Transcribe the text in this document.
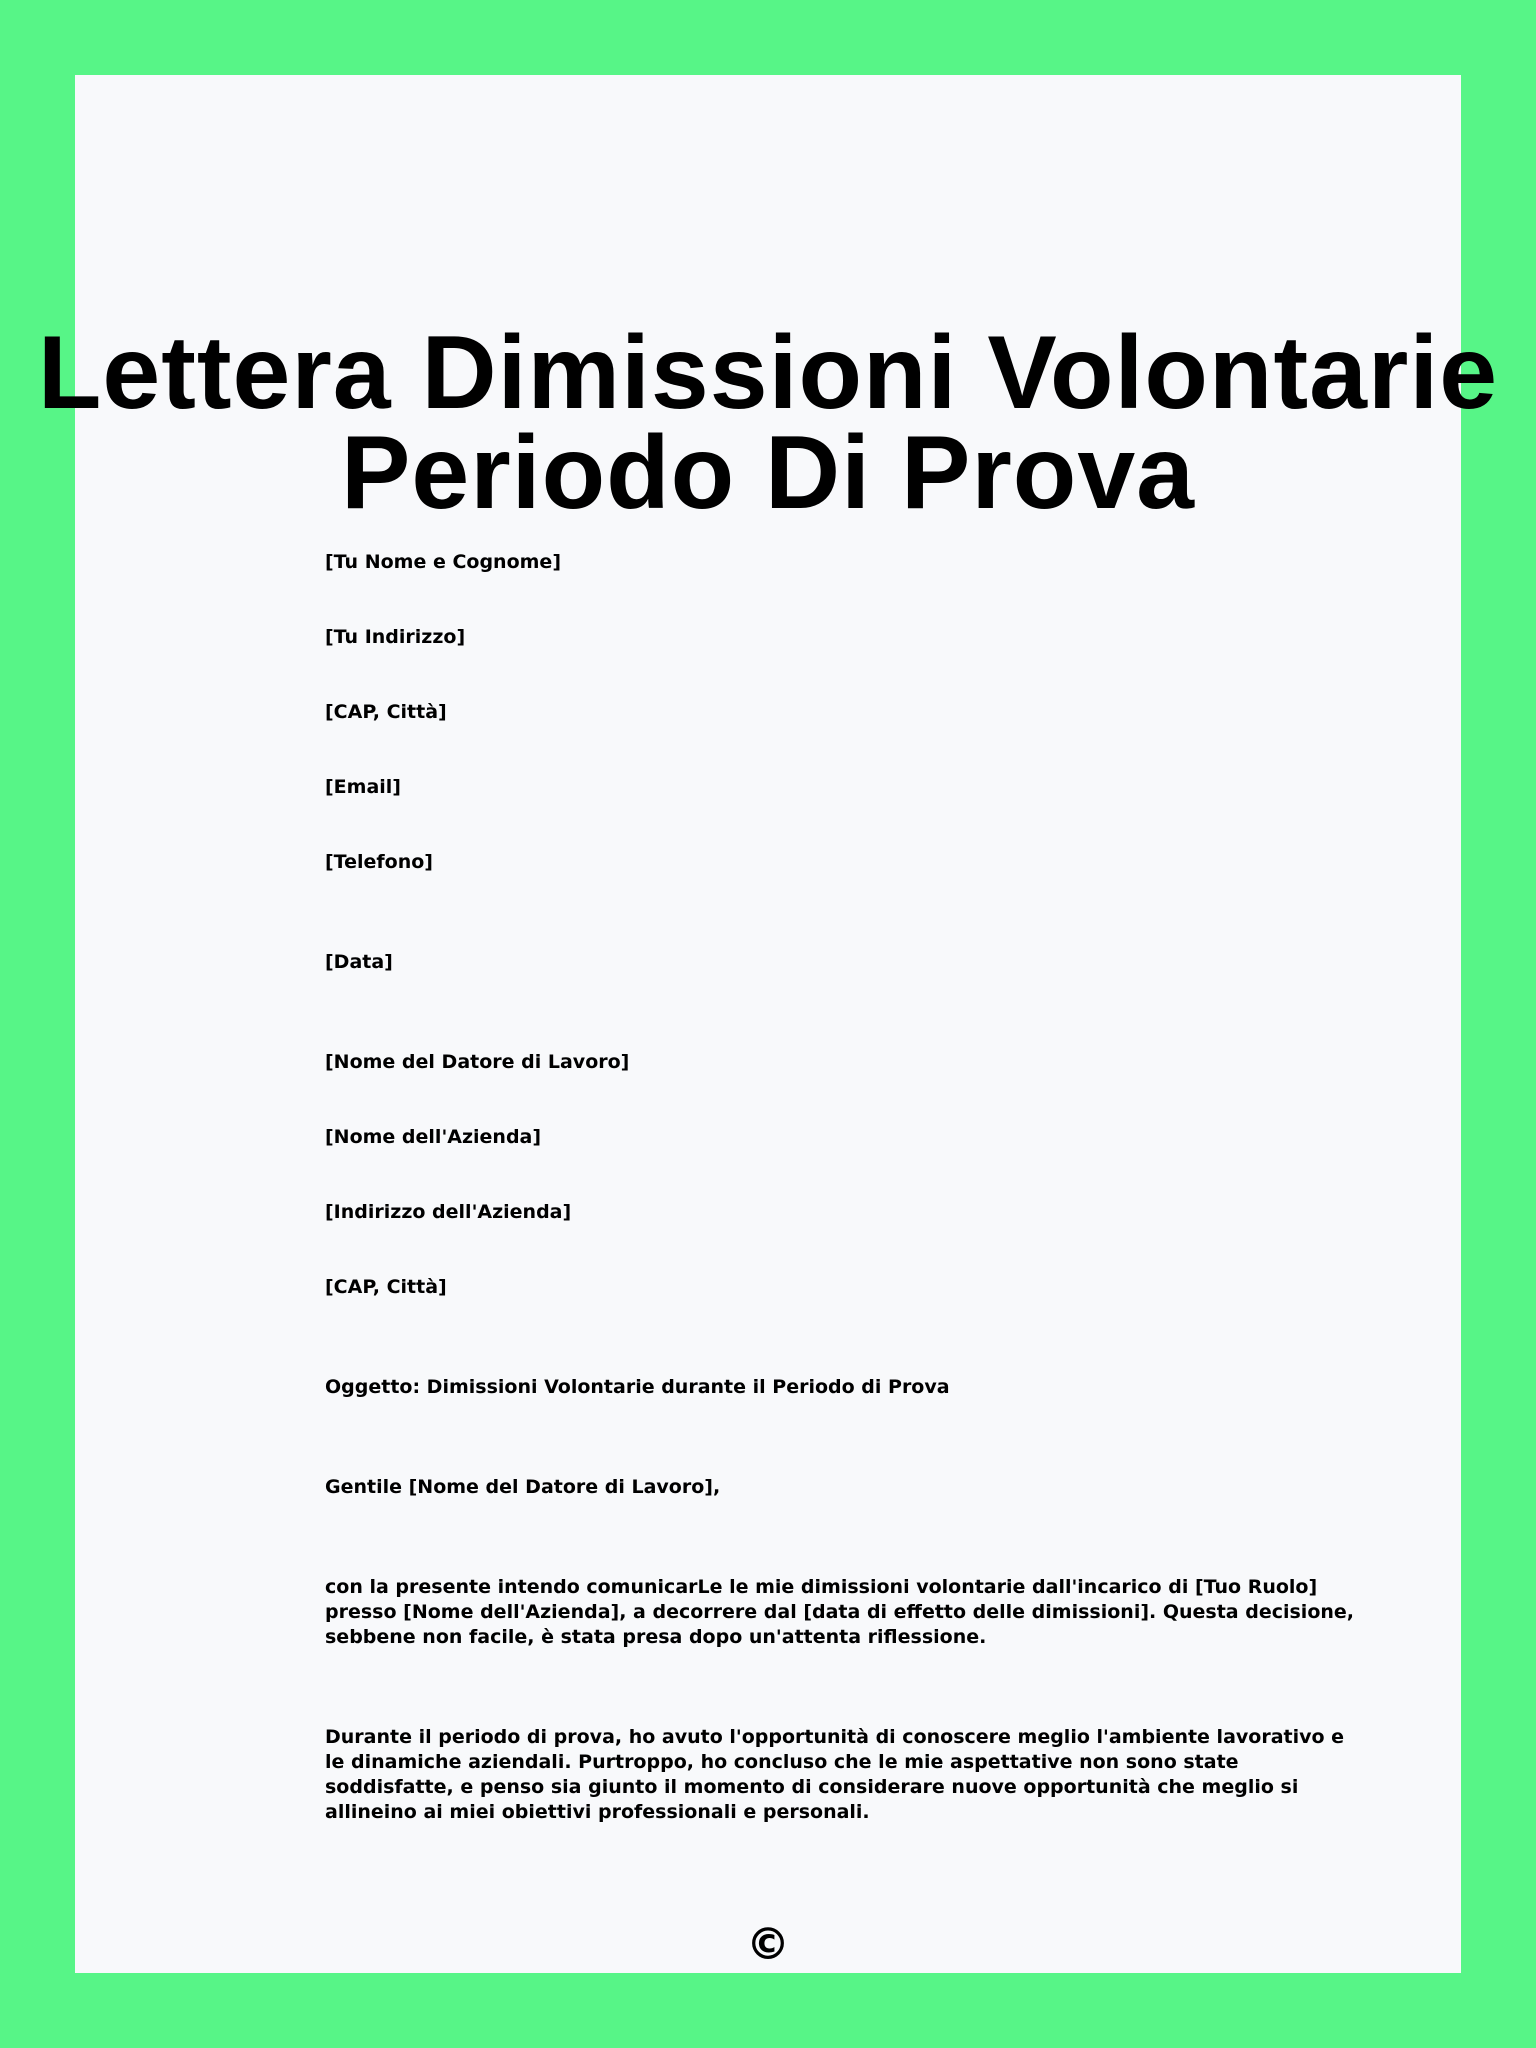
Lettera Dimissioni Volontarie
Periodo Di Prova
[Tu Nome e Cognome]
[Tu Indirizzo]
[CAP, Città]
[Email]
[Telefono]
[Data]
[Nome del Datore di Lavoro]
[Nome dell'Azienda]
[Indirizzo dell'Azienda]
[CAP, Città]
Oggetto: Dimissioni Volontarie durante il Periodo di Prova
Gentile [Nome del Datore di Lavoro],
con la presente intendo comunicarLe le mie dimissioni volontarie dall'incarico di [Tuo Ruolo] presso [Nome dell'Azienda], a decorrere dal [data di effetto delle dimissioni]. Questa decisione, sebbene non facile, è stata presa dopo un'attenta riflessione.
Durante il periodo di prova, ho avuto l'opportunità di conoscere meglio l'ambiente lavorativo e le dinamiche aziendali. Purtroppo, ho concluso che le mie aspettative non sono state soddisfatte, e penso sia giunto il momento di considerare nuove opportunità che meglio si allineino ai miei obiettivi professionali e personali.
©
